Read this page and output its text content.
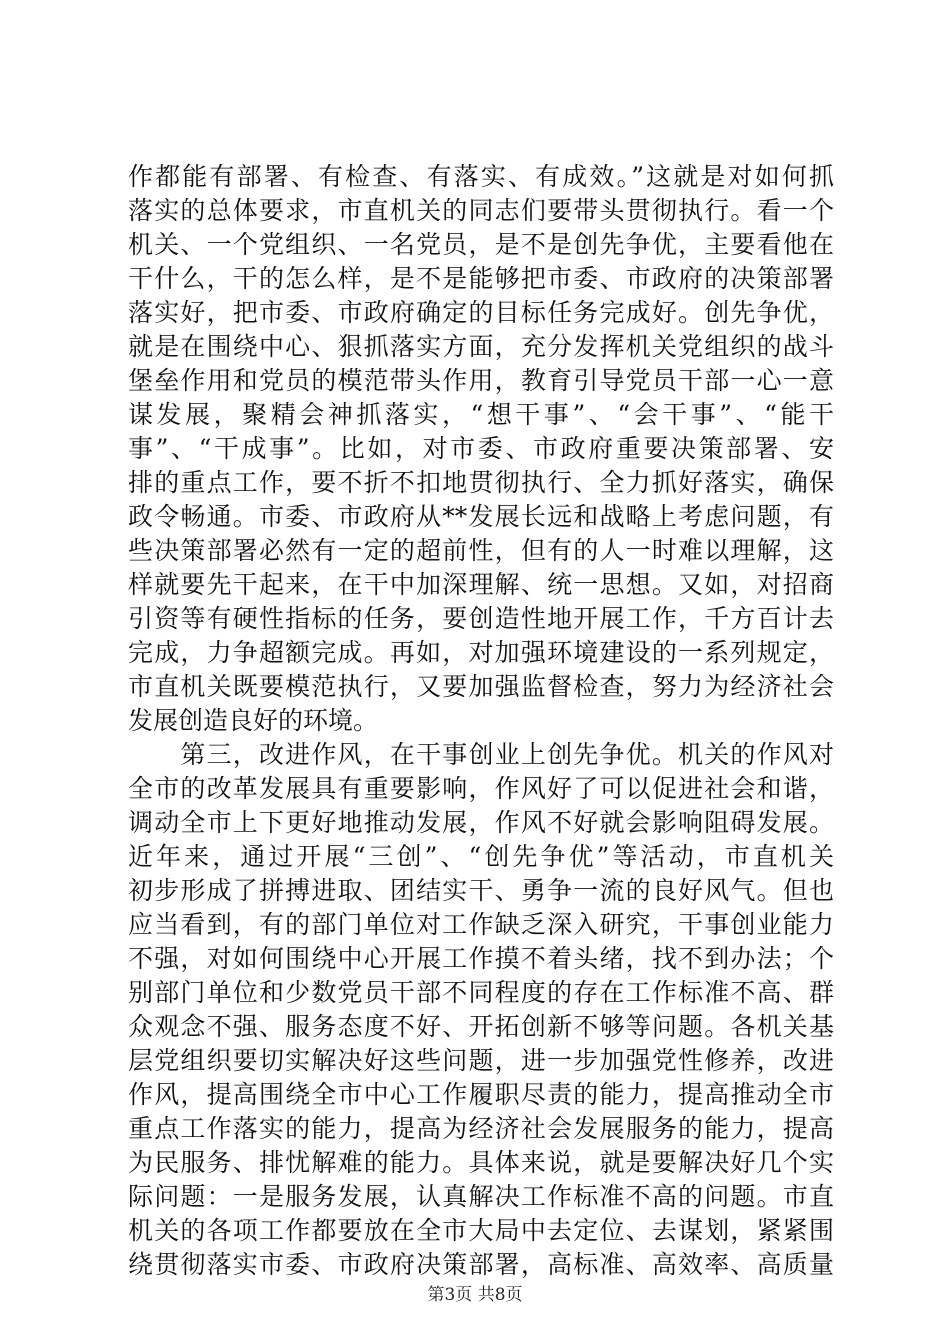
作都能有部署、有检查、有落实、有成效。”这就是对如何抓
落实的总体要求，市直机关的同志们要带头贯彻执行。看一个
机关、一个党组织、一名党员，是不是创先争优，主要看他在
干什么，干的怎么样，是不是能够把市委、市政府的决策部署
落实好，把市委、市政府确定的目标任务完成好。创先争优，
就是在围绕中心、狠抓落实方面，充分发挥机关党组织的战斗
堡垒作用和党员的模范带头作用，教育引导党员干部一心一意
谋发展，聚精会神抓落实，“想干事”、“会干事”、“能干
事”、“干成事”。比如，对市委、市政府重要决策部署、安
排的重点工作，要不折不扣地贯彻执行、全力抓好落实，确保
政令畅通。市委、市政府从**发展长远和战略上考虑问题，有
些决策部署必然有一定的超前性，但有的人一时难以理解，这
样就要先干起来，在干中加深理解、统一思想。又如，对招商
引资等有硬性指标的任务，要创造性地开展工作，千方百计去
完成，力争超额完成。再如，对加强环境建设的一系列规定，
市直机关既要模范执行，又要加强监督检查，努力为经济社会
发展创造良好的环境。
　　第三，改进作风，在干事创业上创先争优。机关的作风对
全市的改革发展具有重要影响，作风好了可以促进社会和谐，
调动全市上下更好地推动发展，作风不好就会影响阻碍发展。
近年来，通过开展“三创”、“创先争优”等活动，市直机关
初步形成了拼搏进取、团结实干、勇争一流的良好风气。但也
应当看到，有的部门单位对工作缺乏深入研究，干事创业能力
不强，对如何围绕中心开展工作摸不着头绪，找不到办法；个
别部门单位和少数党员干部不同程度的存在工作标准不高、群
众观念不强、服务态度不好、开拓创新不够等问题。各机关基
层党组织要切实解决好这些问题，进一步加强党性修养，改进
作风，提高围绕全市中心工作履职尽责的能力，提高推动全市
重点工作落实的能力，提高为经济社会发展服务的能力，提高
为民服务、排忧解难的能力。具体来说，就是要解决好几个实
际问题：一是服务发展，认真解决工作标准不高的问题。市直
机关的各项工作都要放在全市大局中去定位、去谋划，紧紧围
绕贯彻落实市委、市政府决策部署，高标准、高效率、高质量
第3页 共8页
